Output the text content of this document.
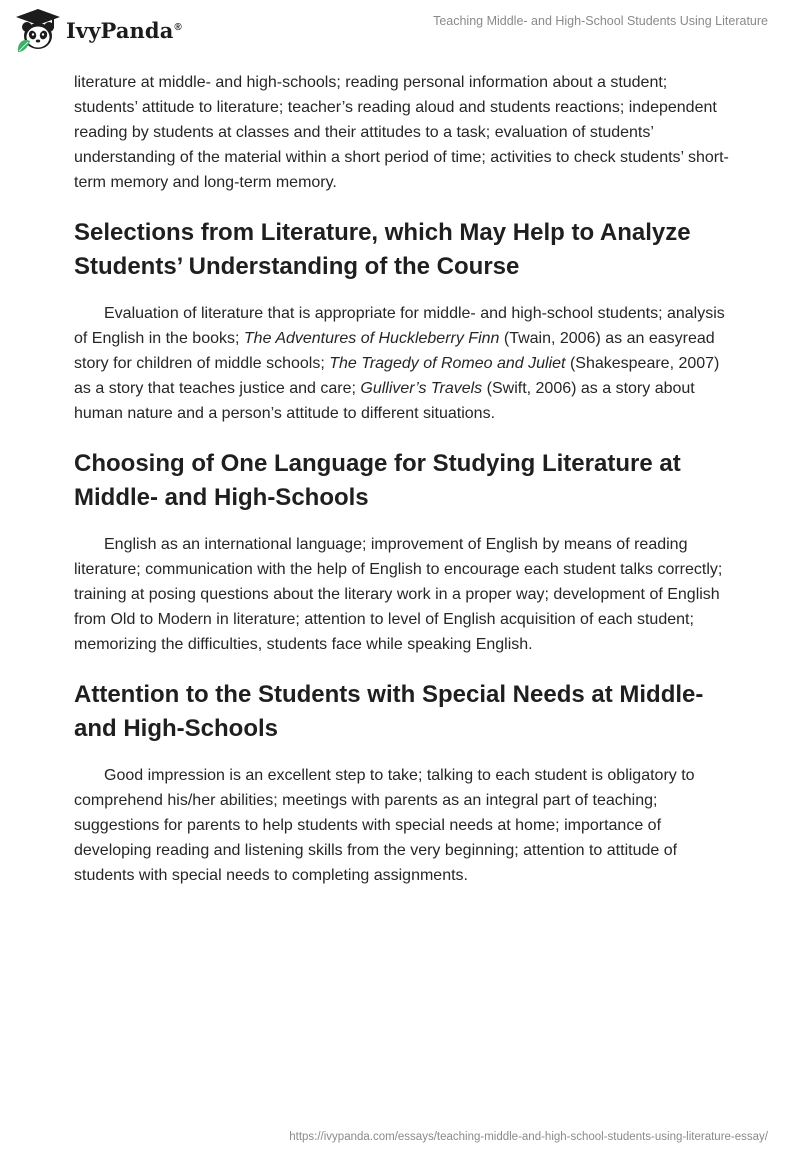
IvyPanda®	Teaching Middle- and High-School Students Using Literature

literature at middle- and high-schools; reading personal information about a student; students’ attitude to literature; teacher’s reading aloud and students reactions; independent reading by students at classes and their attitudes to a task; evaluation of students’ understanding of the material within a short period of time; activities to check students’ short-term memory and long-term memory.

Selections from Literature, which May Help to Analyze Students’ Understanding of the Course

Evaluation of literature that is appropriate for middle- and high-school students; analysis of English in the books; The Adventures of Huckleberry Finn (Twain, 2006) as an easyread story for children of middle schools; The Tragedy of Romeo and Juliet (Shakespeare, 2007) as a story that teaches justice and care; Gulliver’s Travels (Swift, 2006) as a story about human nature and a person’s attitude to different situations.

Choosing of One Language for Studying Literature at Middle- and High-Schools

English as an international language; improvement of English by means of reading literature; communication with the help of English to encourage each student talks correctly; training at posing questions about the literary work in a proper way; development of English from Old to Modern in literature; attention to level of English acquisition of each student; memorizing the difficulties, students face while speaking English.

Attention to the Students with Special Needs at Middle- and High-Schools

Good impression is an excellent step to take; talking to each student is obligatory to comprehend his/her abilities; meetings with parents as an integral part of teaching; suggestions for parents to help students with special needs at home; importance of developing reading and listening skills from the very beginning; attention to attitude of students with special needs to completing assignments.

https://ivypanda.com/essays/teaching-middle-and-high-school-students-using-literature-essay/
